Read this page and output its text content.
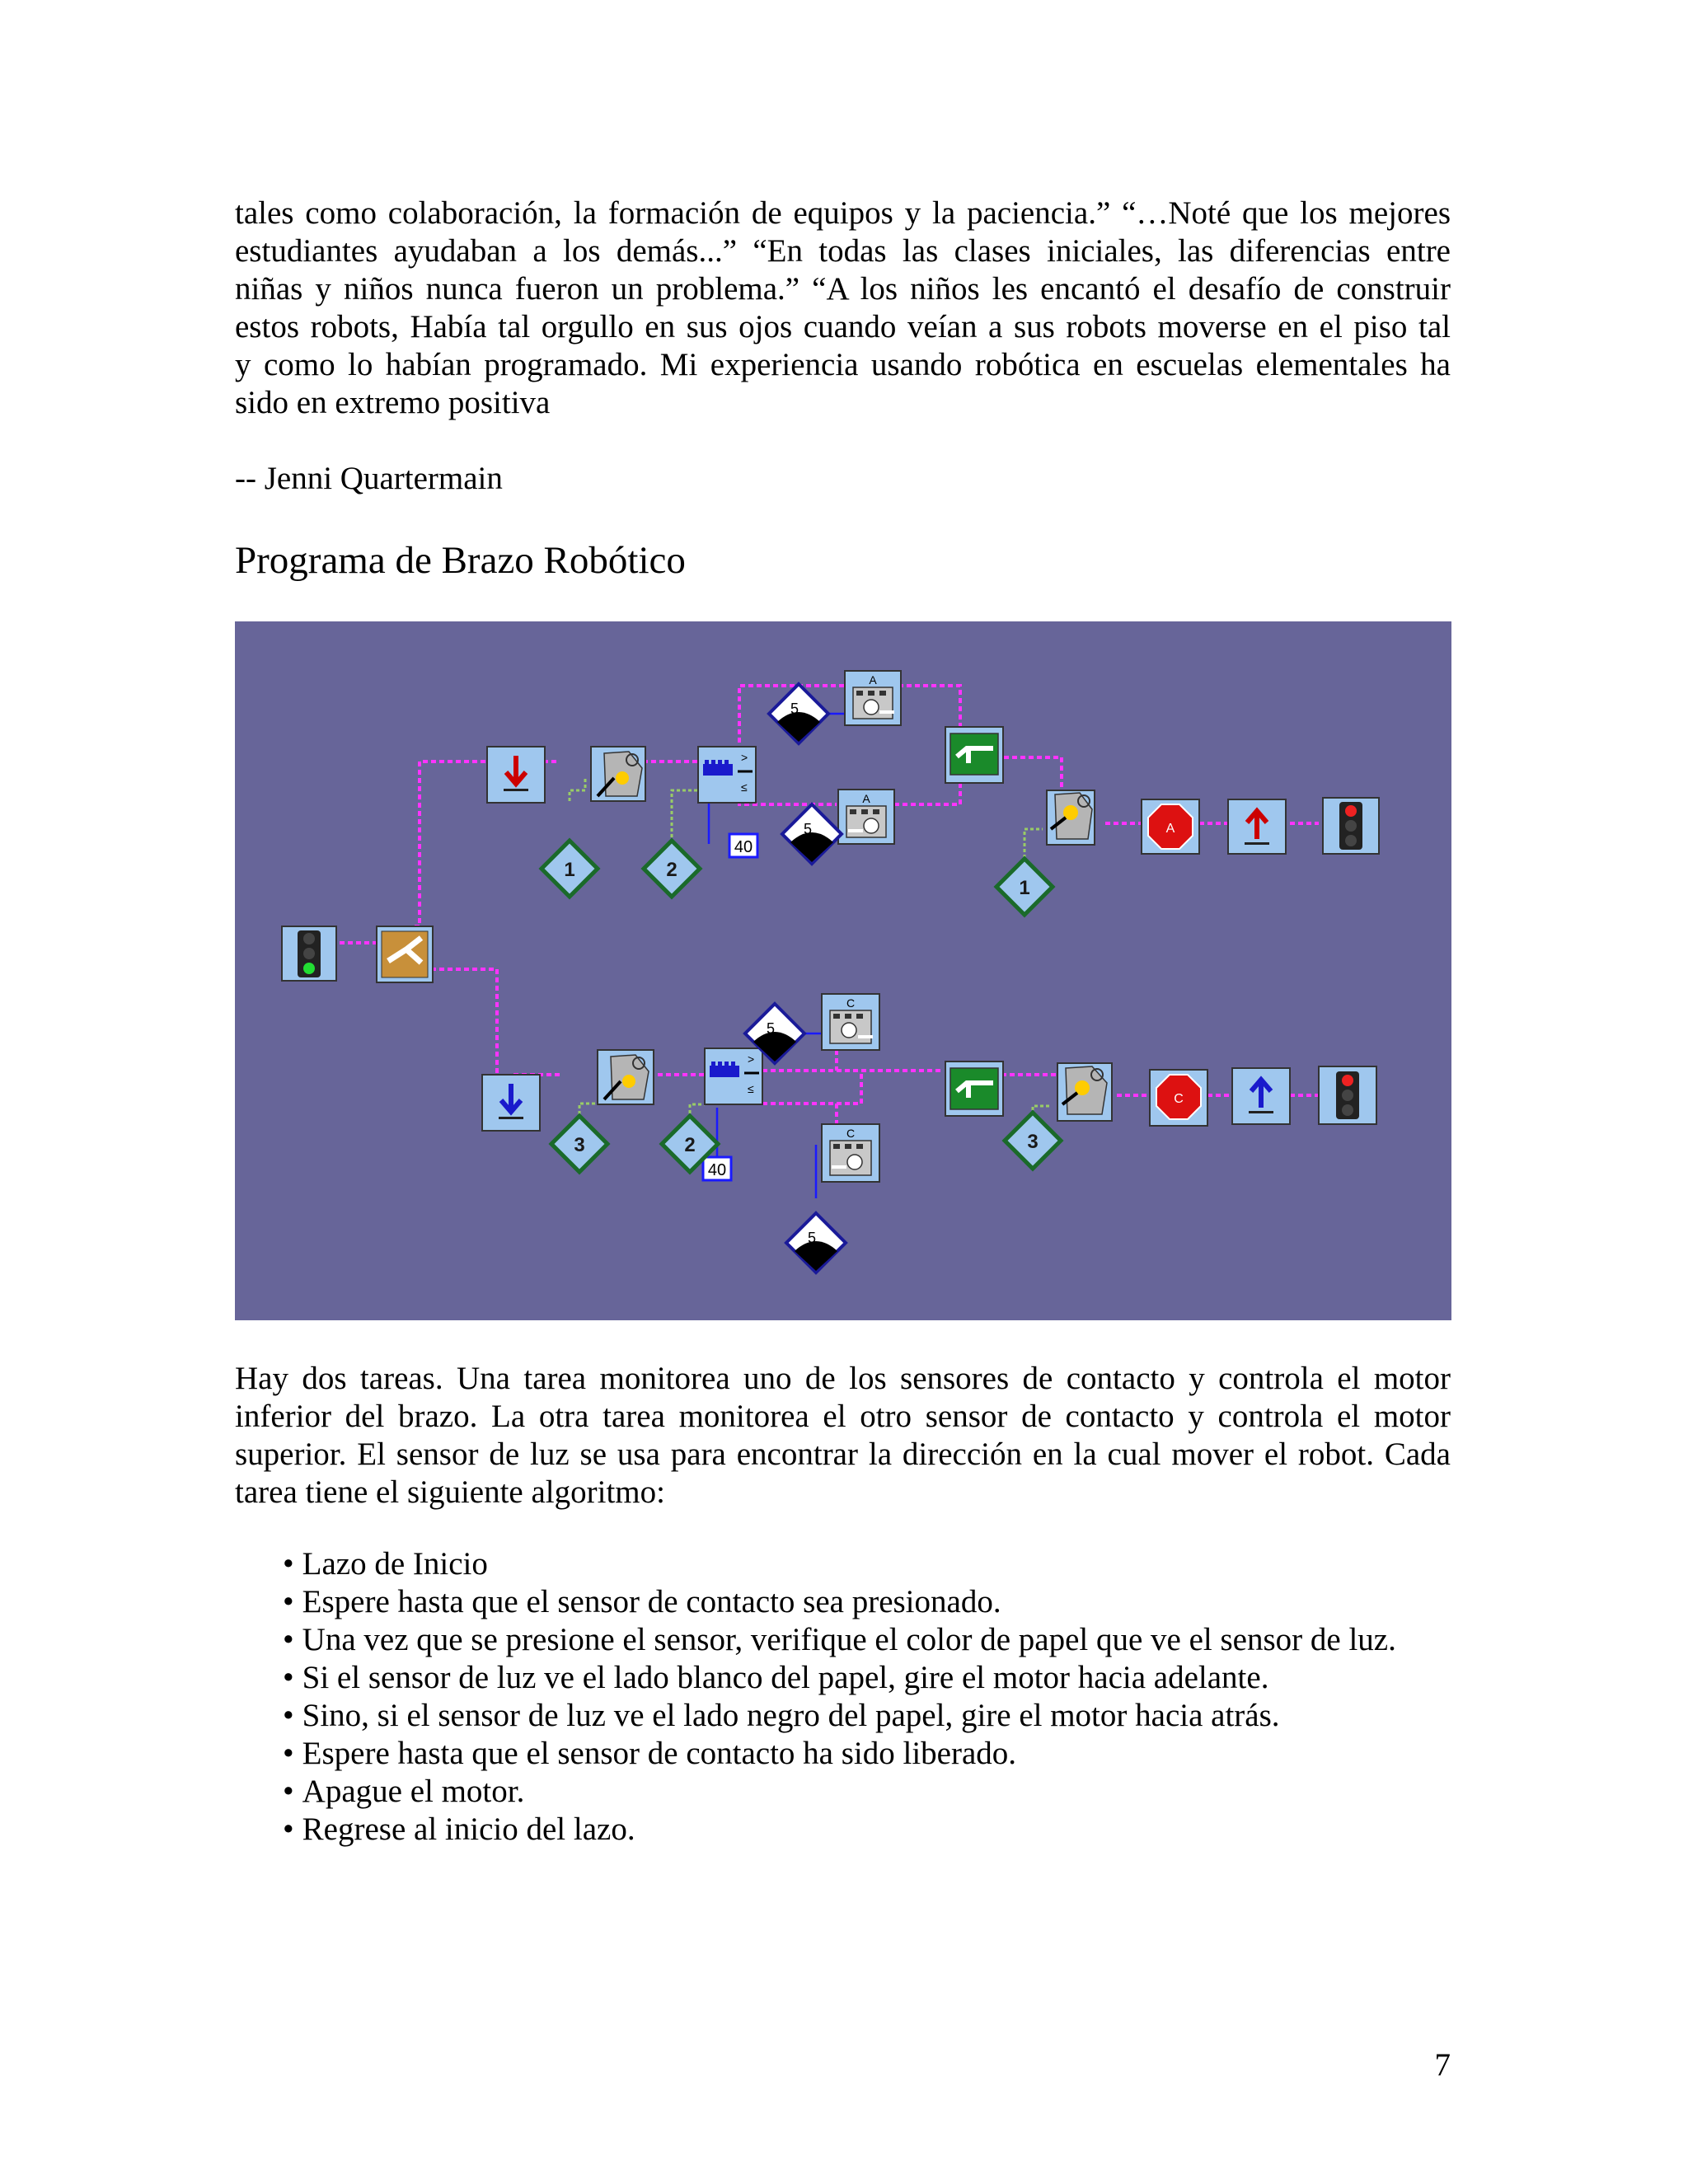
tales como colaboración, la formación de equipos y la paciencia.” “…Noté que los mejores
estudiantes ayudaban a los demás...” “En todas las clases iniciales, las diferencias entre
niñas y niños nunca fueron un problema.” “A los niños les encantó el desafío de construir
estos robots, Había tal orgullo en sus ojos cuando veían a sus robots moverse en el piso tal
y como lo habían programado. Mi experiencia usando robótica en escuelas elementales ha
sido en extremo positiva

-- Jenni Quartermain

Programa de Brazo Robótico
>
≤
40
A
5
A
5	A
1	2
1
>
≤
40
C
5
C
5
C
3	2	3
Hay dos tareas. Una tarea monitorea uno de los sensores de contacto y controla el motor
inferior del brazo. La otra tarea monitorea el otro sensor de contacto y controla el motor
superior. El sensor de luz se usa para encontrar la dirección en la cual mover el robot. Cada
tarea tiene el siguiente algoritmo:
• Lazo de Inicio
• Espere hasta que el sensor de contacto sea presionado.
• Una vez que se presione el sensor, verifique el color de papel que ve el sensor de luz.
• Si el sensor de luz ve el lado blanco del papel, gire el motor hacia adelante.
• Sino, si el sensor de luz ve el lado negro del papel, gire el motor hacia atrás.
• Espere hasta que el sensor de contacto ha sido liberado.
• Apague el motor.
• Regrese al inicio del lazo.
7
